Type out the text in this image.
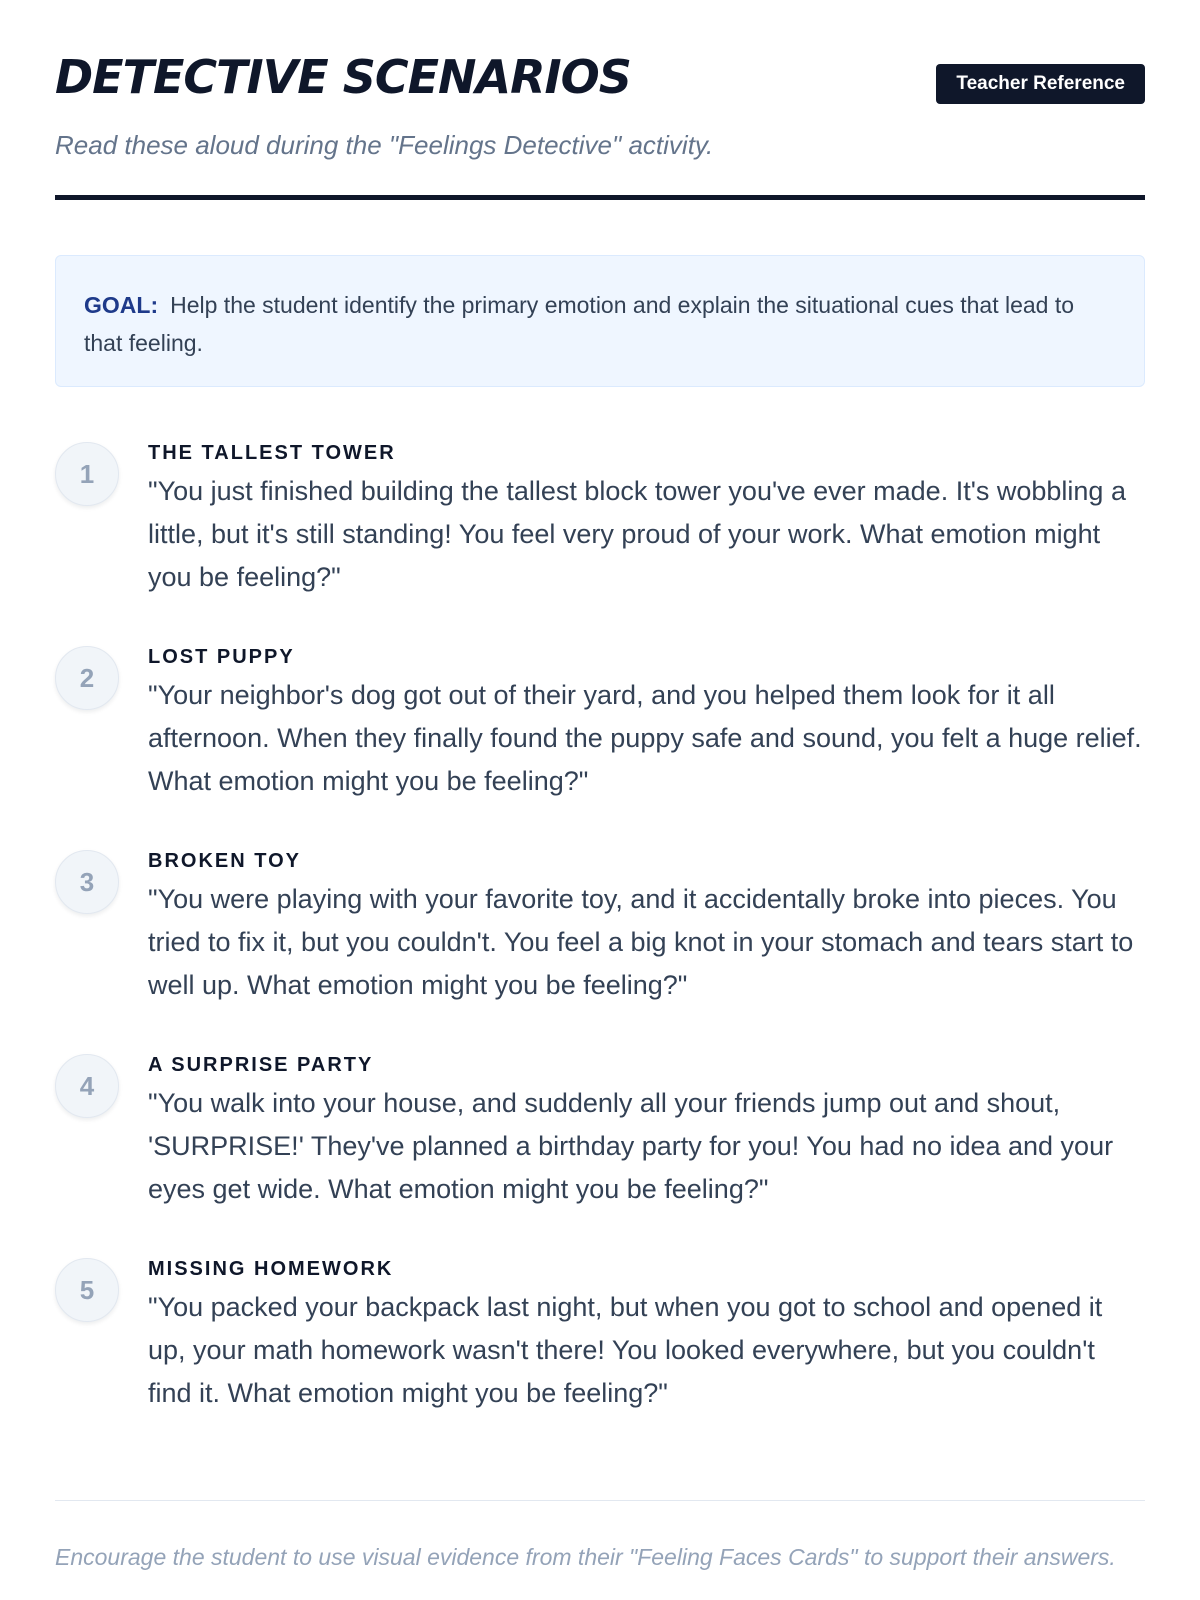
DETECTIVE SCENARIOS	Teacher Reference

Read these aloud during the "Feelings Detective" activity.

GOAL: Help the student identify the primary emotion and explain the situational cues that lead to that feeling.
1
THE TALLEST TOWER

"You just finished building the tallest block tower you've ever made. It's wobbling a little, but it's still standing! You feel very proud of your work. What emotion might you be feeling?"

2
LOST PUPPY

"Your neighbor's dog got out of their yard, and you helped them look for it all afternoon. When they finally found the puppy safe and sound, you felt a huge relief. What emotion might you be feeling?"

3
BROKEN TOY

"You were playing with your favorite toy, and it accidentally broke into pieces. You tried to fix it, but you couldn't. You feel a big knot in your stomach and tears start to well up. What emotion might you be feeling?"

4
A SURPRISE PARTY

"You walk into your house, and suddenly all your friends jump out and shout, 'SURPRISE!' They've planned a birthday party for you! You had no idea and your eyes get wide. What emotion might you be feeling?"

5
MISSING HOMEWORK

"You packed your backpack last night, but when you got to school and opened it up, your math homework wasn't there! You looked everywhere, but you couldn't find it. What emotion might you be feeling?"

Encourage the student to use visual evidence from their "Feeling Faces Cards" to support their answers.
